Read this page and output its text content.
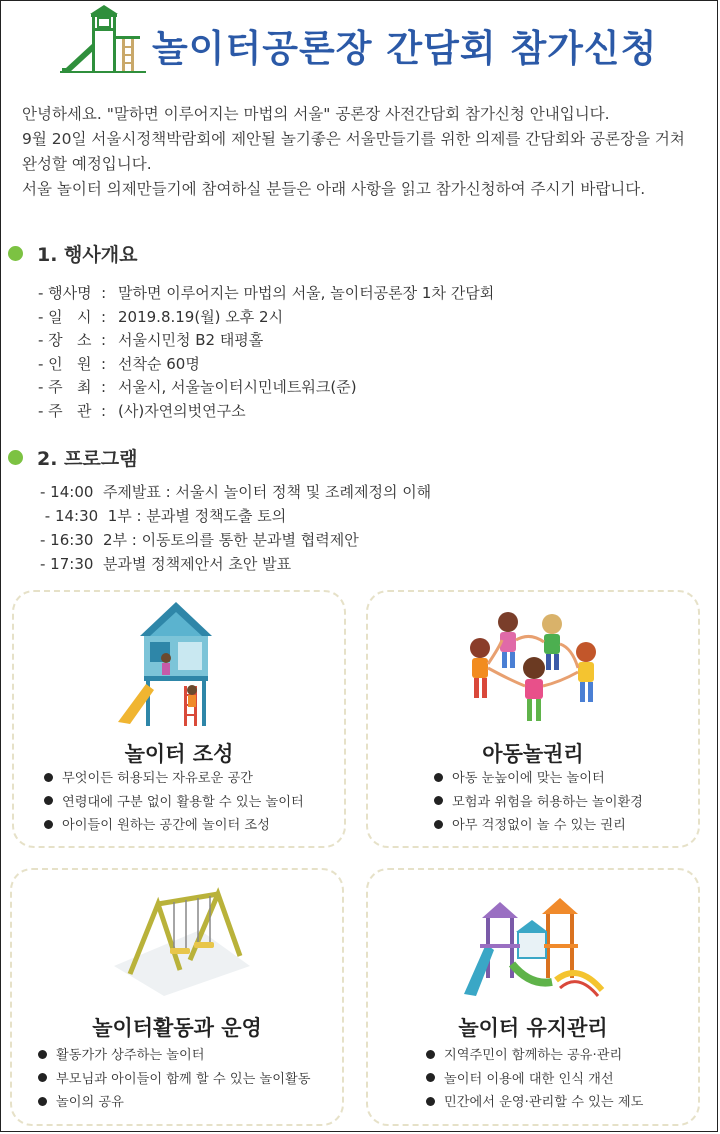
놀이터공론장 간담회 참가신청

안녕하세요. "말하면 이루어지는 마법의 서울" 공론장 사전간담회 참가신청 안내입니다.

9월 20일 서울시정책박람회에 제안될 놀기좋은 서울만들기를 위한 의제를 간담회와 공론장을 거쳐

완성할 예정입니다.

서울 놀이터 의제만들기에 참여하실 분들은 아래 사항을 읽고 참가신청하여 주시기 바랍니다.

1. 행사개요
- 행사명  : 말하면 이루어지는 마법의 서울, 놀이터공론장 1차 간담회
- 일   시  : 2019.8.19(월) 오후 2시
- 장   소  : 서울시민청 B2 태평홀
- 인   원  : 선착순 60명
- 주   최  : 서울시, 서울놀이터시민네트워크(준)
- 주   관  : (사)자연의벗연구소
2. 프로그램
- 14:00  주제발표 : 서울시 놀이터 정책 및 조례제정의 이해
- 14:30  1부 : 분과별 정책도출 토의
- 16:30  2부 : 이동토의를 통한 분과별 협력제안
- 17:30  분과별 정책제안서 초안 발표
놀이터 조성
무엇이든 허용되는 자유로운 공간
연령대에 구분 없이 활용할 수 있는 놀이터
아이들이 원하는 공간에 놀이터 조성
아동놀권리
아동 눈높이에 맞는 놀이터
모험과 위험을 허용하는 놀이환경
아무 걱정없이 놀 수 있는 권리
놀이터활동과 운영
활동가가 상주하는 놀이터
부모님과 아이들이 함께 할 수 있는 놀이활동
놀이의 공유
놀이터 유지관리
지역주민이 함께하는 공유·관리
놀이터 이용에 대한 인식 개선
민간에서 운영·관리할 수 있는 제도
